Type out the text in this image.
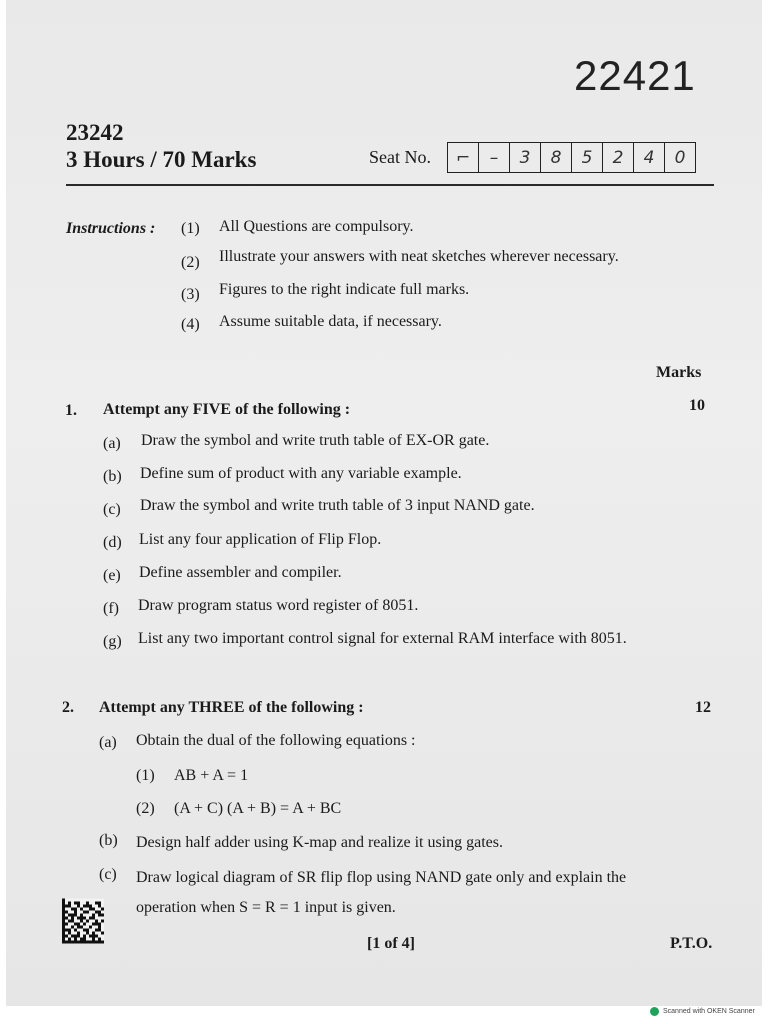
22421
23242
3 Hours / 70 Marks	Seat No.	⌐	–	3	8	5	2	4	0
Instructions : (1) All Questions are compulsory.
(2) Illustrate your answers with neat sketches wherever necessary.
(3) Figures to the right indicate full marks.
(4) Assume suitable data, if necessary.
Marks
1. Attempt any FIVE of the following :	10
(a) Draw the symbol and write truth table of EX-OR gate.
(b) Define sum of product with any variable example.
(c) Draw the symbol and write truth table of 3 input NAND gate.
(d) List any four application of Flip Flop.
(e) Define assembler and compiler.
(f) Draw program status word register of 8051.
(g) List any two important control signal for external RAM interface with 8051.
2. Attempt any THREE of the following :	12
(a) Obtain the dual of the following equations :
(1) AB + A = 1
(2) (A + C) (A + B) = A + BC
(b) Design half adder using K-map and realize it using gates.
(c) Draw logical diagram of SR flip flop using NAND gate only and explain the
operation when S = R = 1 input is given.
[1 of 4]	P.T.O.
Scanned with OKEN Scanner
